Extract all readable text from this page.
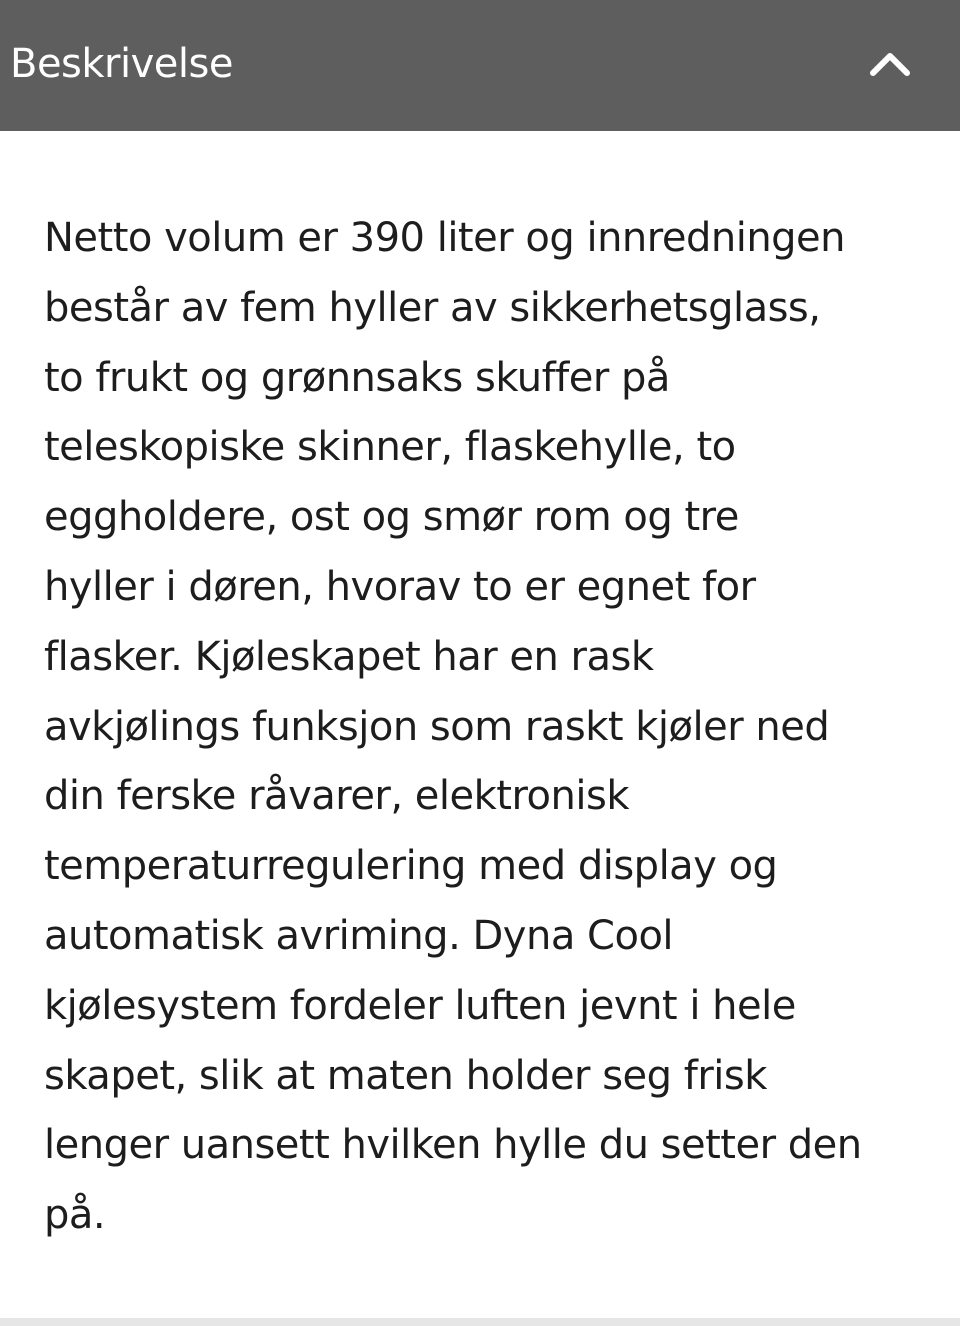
Beskrivelse
Netto volum er 390 liter og innredningen
består av fem hyller av sikkerhetsglass,
to frukt og grønnsaks skuffer på
teleskopiske skinner, flaskehylle, to
eggholdere, ost og smør rom og tre
hyller i døren, hvorav to er egnet for
flasker. Kjøleskapet har en rask
avkjølings funksjon som raskt kjøler ned
din ferske råvarer, elektronisk
temperaturregulering med display og
automatisk avriming. Dyna Cool
kjølesystem fordeler luften jevnt i hele
skapet, slik at maten holder seg frisk
lenger uansett hvilken hylle du setter den
på.
